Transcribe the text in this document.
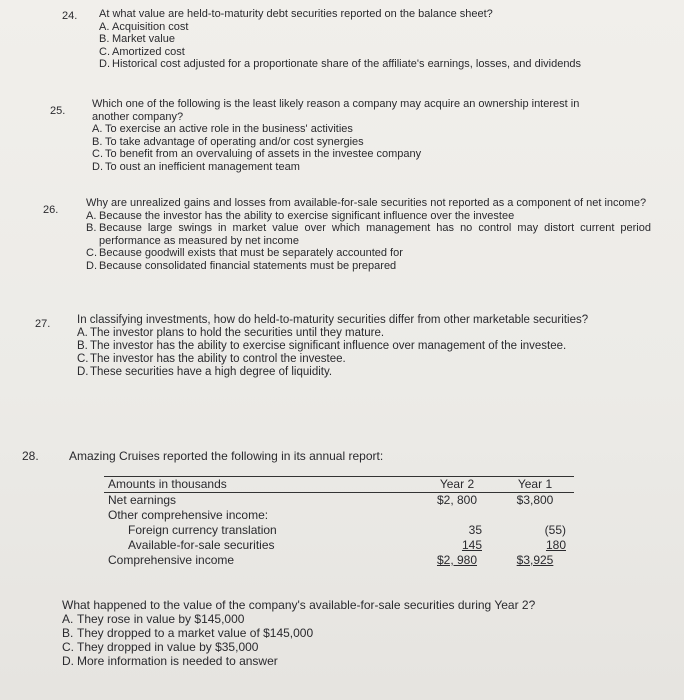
24. At what value are held-to-maturity debt securities reported on the balance sheet?
A. Acquisition cost
B. Market value
C. Amortized cost
D. Historical cost adjusted for a proportionate share of the affiliate's earnings, losses, and dividends
25.
Which one of the following is the least likely reason a company may acquire an ownership interest in another company?
A. To exercise an active role in the business' activities
B. To take advantage of operating and/or cost synergies
C. To benefit from an overvaluing of assets in the investee company
D. To oust an inefficient management team
26.
Why are unrealized gains and losses from available-for-sale securities not reported as a component of net income?
A. Because the investor has the ability to exercise significant influence over the investee
B. Because large swings in market value over which management has no control may distort current period performance as measured by net income
C. Because goodwill exists that must be separately accounted for
D. Because consolidated financial statements must be prepared
27. In classifying investments, how do held-to-maturity securities differ from other marketable securities?
A. The investor plans to hold the securities until they mature.
B. The investor has the ability to exercise significant influence over management of the investee.
C. The investor has the ability to control the investee.
D. These securities have a high degree of liquidity.
28.	Amazing Cruises reported the following in its annual report:
Amounts in thousands	Year 2	Year 1
Net earnings	$2, 800	$3,800
Other comprehensive income:		
Foreign currency translation	35	(55)
Available-for-sale securities	145	180
Comprehensive income	$2, 980	$3,925
What happened to the value of the company's available-for-sale securities during Year 2?
A. They rose in value by $145,000
B. They dropped to a market value of $145,000
C. They dropped in value by $35,000
D. More information is needed to answer
